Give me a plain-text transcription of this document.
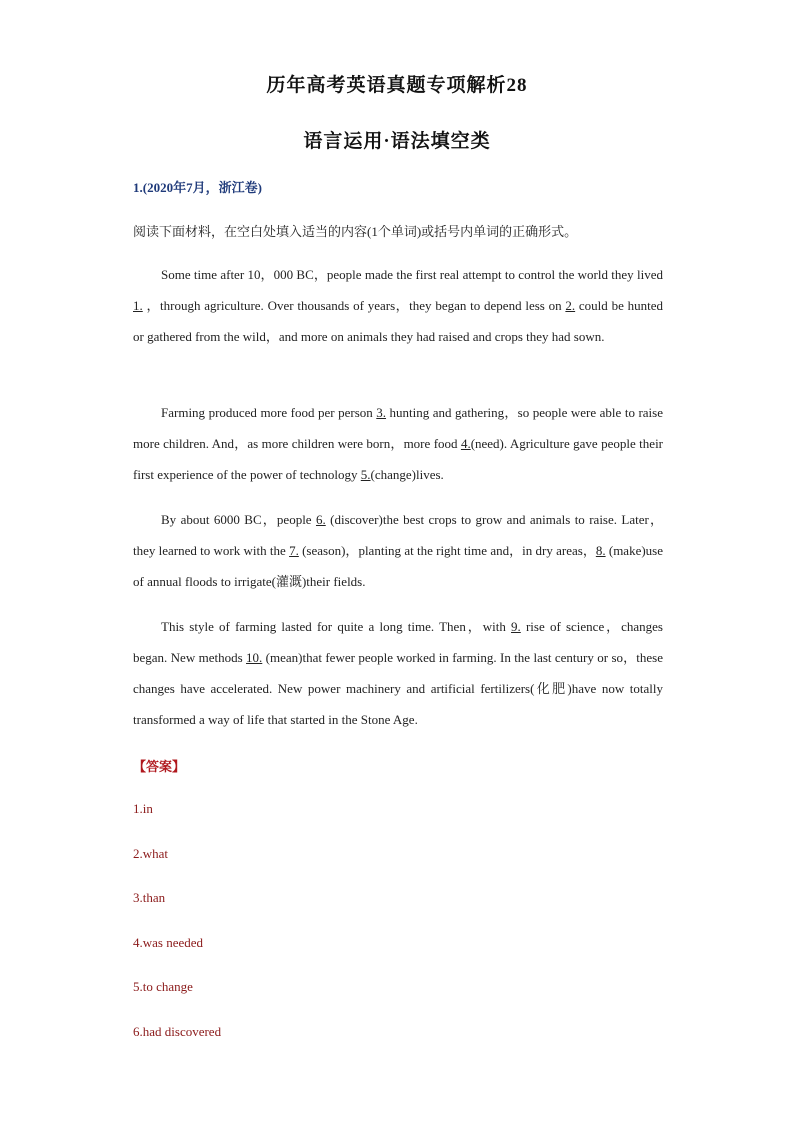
历年高考英语真题专项解析28
语言运用·语法填空类
1.(2020年7月，浙江卷)
阅读下面材料，在空白处填入适当的内容(1个单词)或括号内单词的正确形式。
Some time after 10，000 BC，people made the first real attempt to control the world they lived 1. ，through agriculture. Over thousands of years，they began to depend less on 2. could be hunted or gathered from the wild，and more on animals they had raised and crops they had sown.
Farming produced more food per person 3. hunting and gathering，so people were able to raise more children. And，as more children were born，more food 4.(need). Agriculture gave people their first experience of the power of technology 5.(change)lives.
By about 6000 BC，people 6. (discover)the best crops to grow and animals to raise. Later，they learned to work with the 7. (season)，planting at the right time and，in dry areas，8. (make)use of annual floods to irrigate(灌溉)their fields.
This style of farming lasted for quite a long time. Then，with 9. rise of science，changes began. New methods 10. (mean)that fewer people worked in farming. In the last century or so，these changes have accelerated. New power machinery and artificial fertilizers(化肥)have now totally transformed a way of life that started in the Stone Age.
【答案】
1.in
2.what
3.than
4.was needed
5.to change
6.had discovered
